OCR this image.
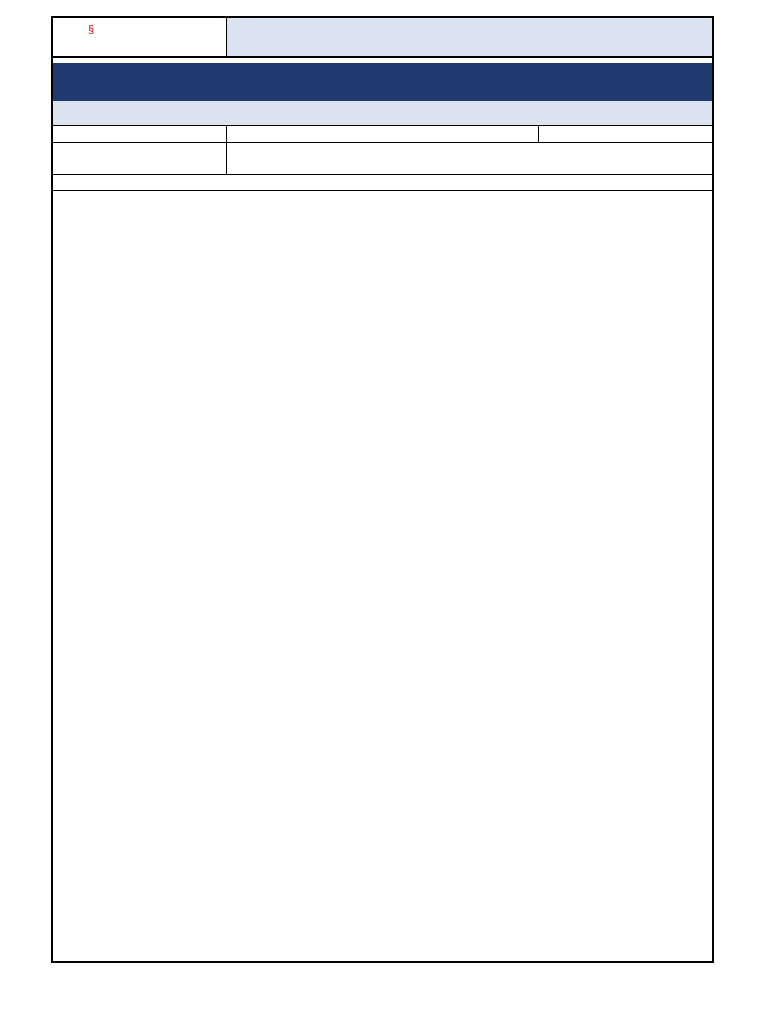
§
